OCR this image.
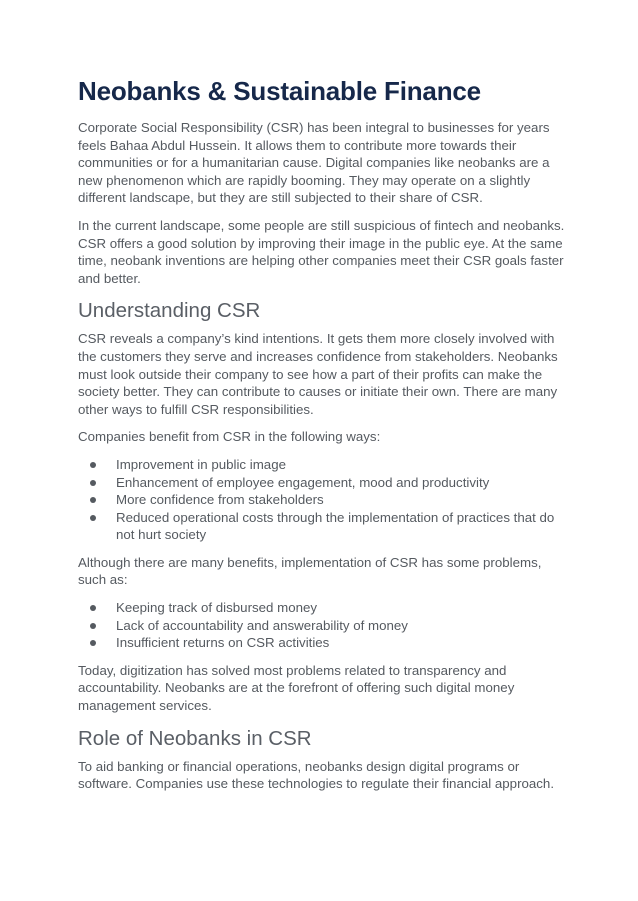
Neobanks & Sustainable Finance

Corporate Social Responsibility (CSR) has been integral to businesses for years feels Bahaa Abdul Hussein. It allows them to contribute more towards their communities or for a humanitarian cause. Digital companies like neobanks are a new phenomenon which are rapidly booming. They may operate on a slightly different landscape, but they are still subjected to their share of CSR.

In the current landscape, some people are still suspicious of fintech and neobanks. CSR offers a good solution by improving their image in the public eye. At the same time, neobank inventions are helping other companies meet their CSR goals faster and better.

Understanding CSR

CSR reveals a company’s kind intentions. It gets them more closely involved with the customers they serve and increases confidence from stakeholders. Neobanks must look outside their company to see how a part of their profits can make the society better. They can contribute to causes or initiate their own. There are many other ways to fulfill CSR responsibilities.

Companies benefit from CSR in the following ways:

Improvement in public image
Enhancement of employee engagement, mood and productivity
More confidence from stakeholders
Reduced operational costs through the implementation of practices that do not hurt society

Although there are many benefits, implementation of CSR has some problems, such as:

Keeping track of disbursed money
Lack of accountability and answerability of money
Insufficient returns on CSR activities

Today, digitization has solved most problems related to transparency and accountability. Neobanks are at the forefront of offering such digital money management services.

Role of Neobanks in CSR

To aid banking or financial operations, neobanks design digital programs or software. Companies use these technologies to regulate their financial approach.
